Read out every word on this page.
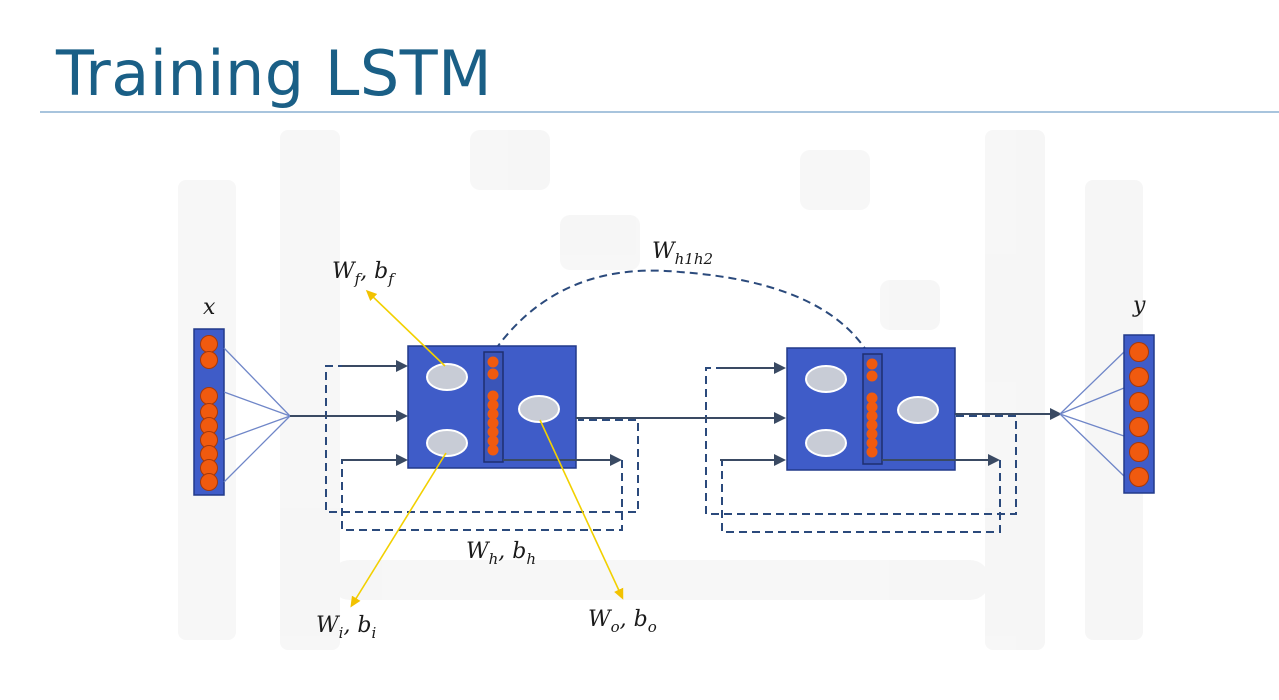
Training LSTM
x	y
$W_f$, $b_f$
$W_{h1h2}$
$W_h$, $b_h$
$W_i$, $b_i$
$W_o$, $b_o$
